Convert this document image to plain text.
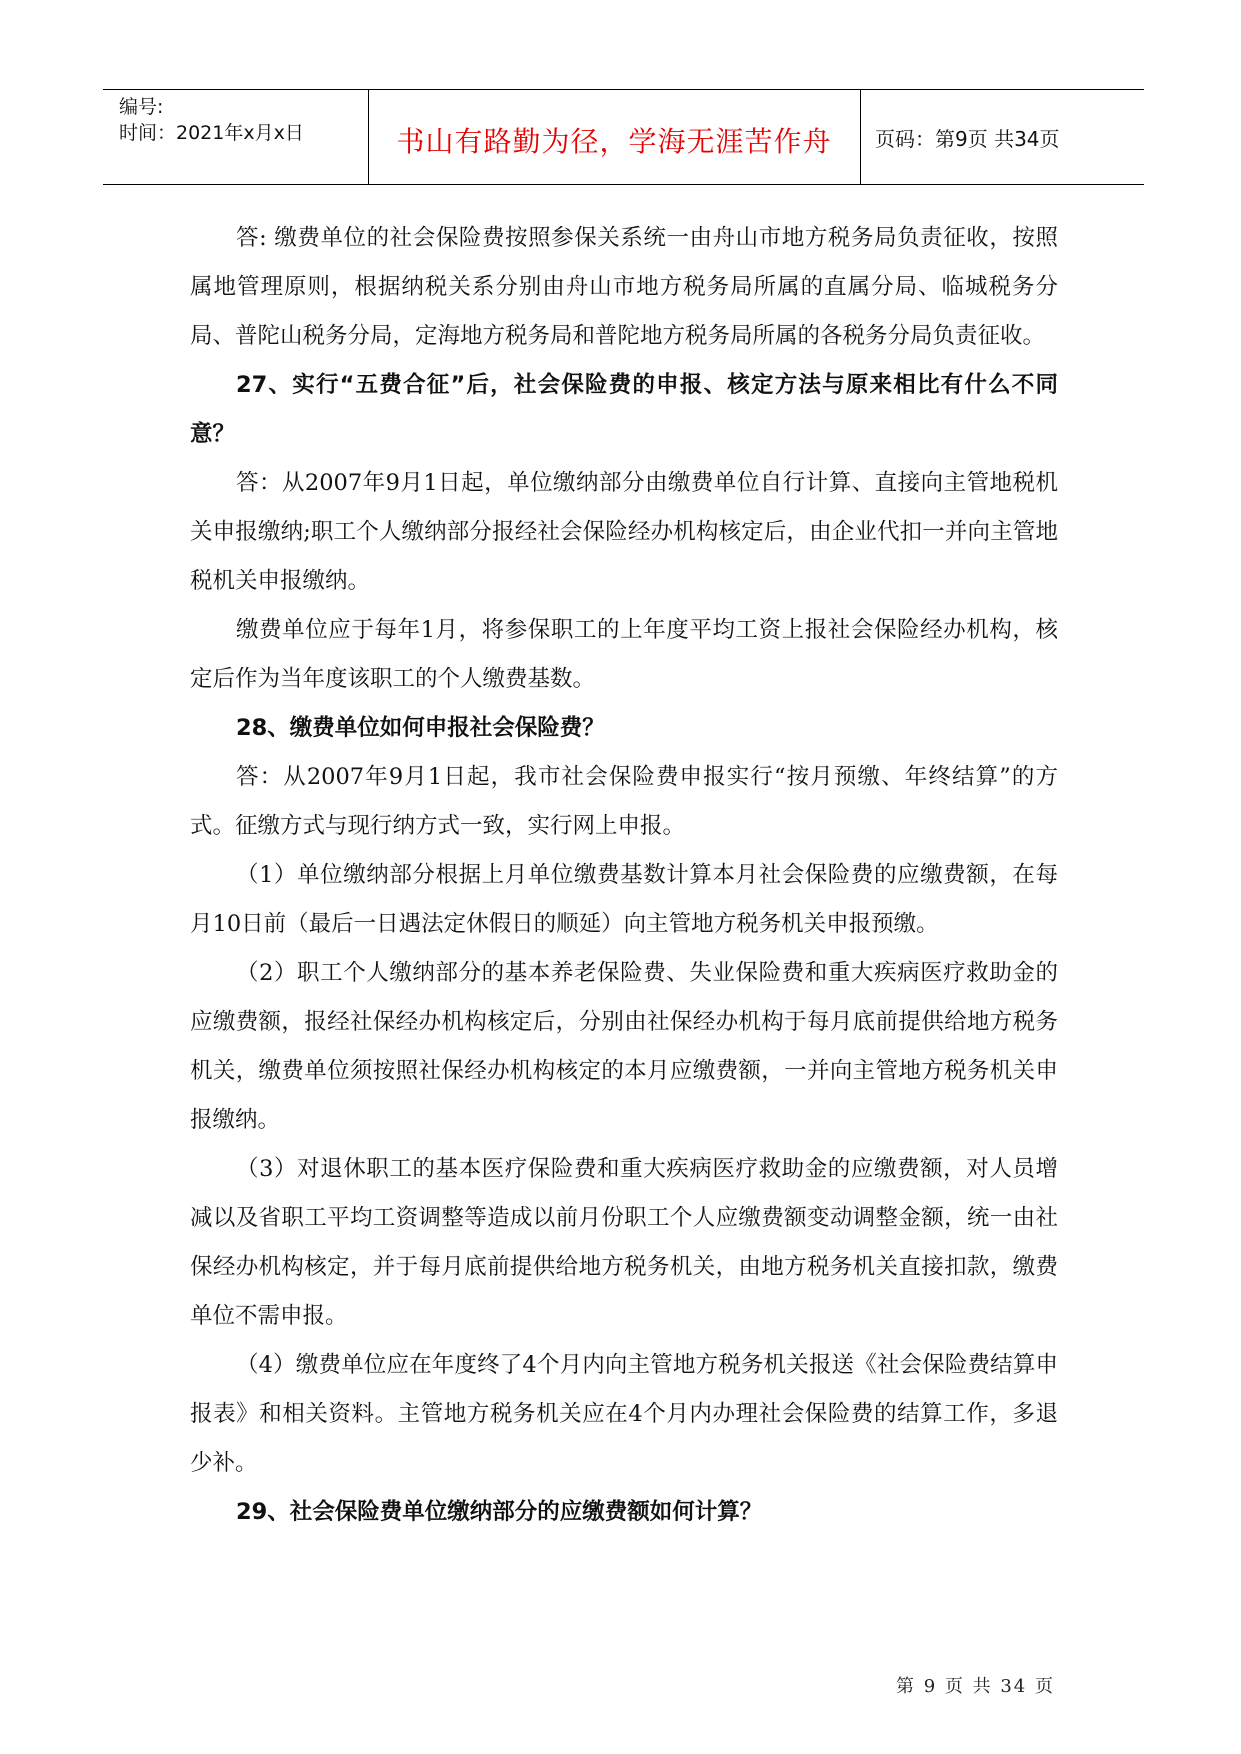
编号:
时间：2021年x月x日	书山有路勤为径，学海无涯苦作舟	页码：第9页 共34页

答: 缴费单位的社会保险费按照参保关系统一由舟山市地方税务局负责征收，按照属地管理原则，根据纳税关系分别由舟山市地方税务局所属的直属分局、临城税务分局、普陀山税务分局，定海地方税务局和普陀地方税务局所属的各税务分局负责征收。

27、实行“五费合征”后，社会保险费的申报、核定方法与原来相比有什么不同意？

答：从2007年9月1日起，单位缴纳部分由缴费单位自行计算、直接向主管地税机关申报缴纳;职工个人缴纳部分报经社会保险经办机构核定后，由企业代扣一并向主管地税机关申报缴纳。

缴费单位应于每年1月，将参保职工的上年度平均工资上报社会保险经办机构，核定后作为当年度该职工的个人缴费基数。

28、缴费单位如何申报社会保险费？

答：从2007年9月1日起，我市社会保险费申报实行“按月预缴、年终结算”的方式。征缴方式与现行纳方式一致，实行网上申报。

（1）单位缴纳部分根据上月单位缴费基数计算本月社会保险费的应缴费额，在每月10日前（最后一日遇法定休假日的顺延）向主管地方税务机关申报预缴。

（2）职工个人缴纳部分的基本养老保险费、失业保险费和重大疾病医疗救助金的应缴费额，报经社保经办机构核定后，分别由社保经办机构于每月底前提供给地方税务机关，缴费单位须按照社保经办机构核定的本月应缴费额，一并向主管地方税务机关申报缴纳。

（3）对退休职工的基本医疗保险费和重大疾病医疗救助金的应缴费额，对人员增减以及省职工平均工资调整等造成以前月份职工个人应缴费额变动调整金额，统一由社保经办机构核定，并于每月底前提供给地方税务机关，由地方税务机关直接扣款，缴费单位不需申报。

（4）缴费单位应在年度终了4个月内向主管地方税务机关报送《社会保险费结算申报表》和相关资料。主管地方税务机关应在4个月内办理社会保险费的结算工作，多退少补。

29、社会保险费单位缴纳部分的应缴费额如何计算？

第 9 页 共 34 页
